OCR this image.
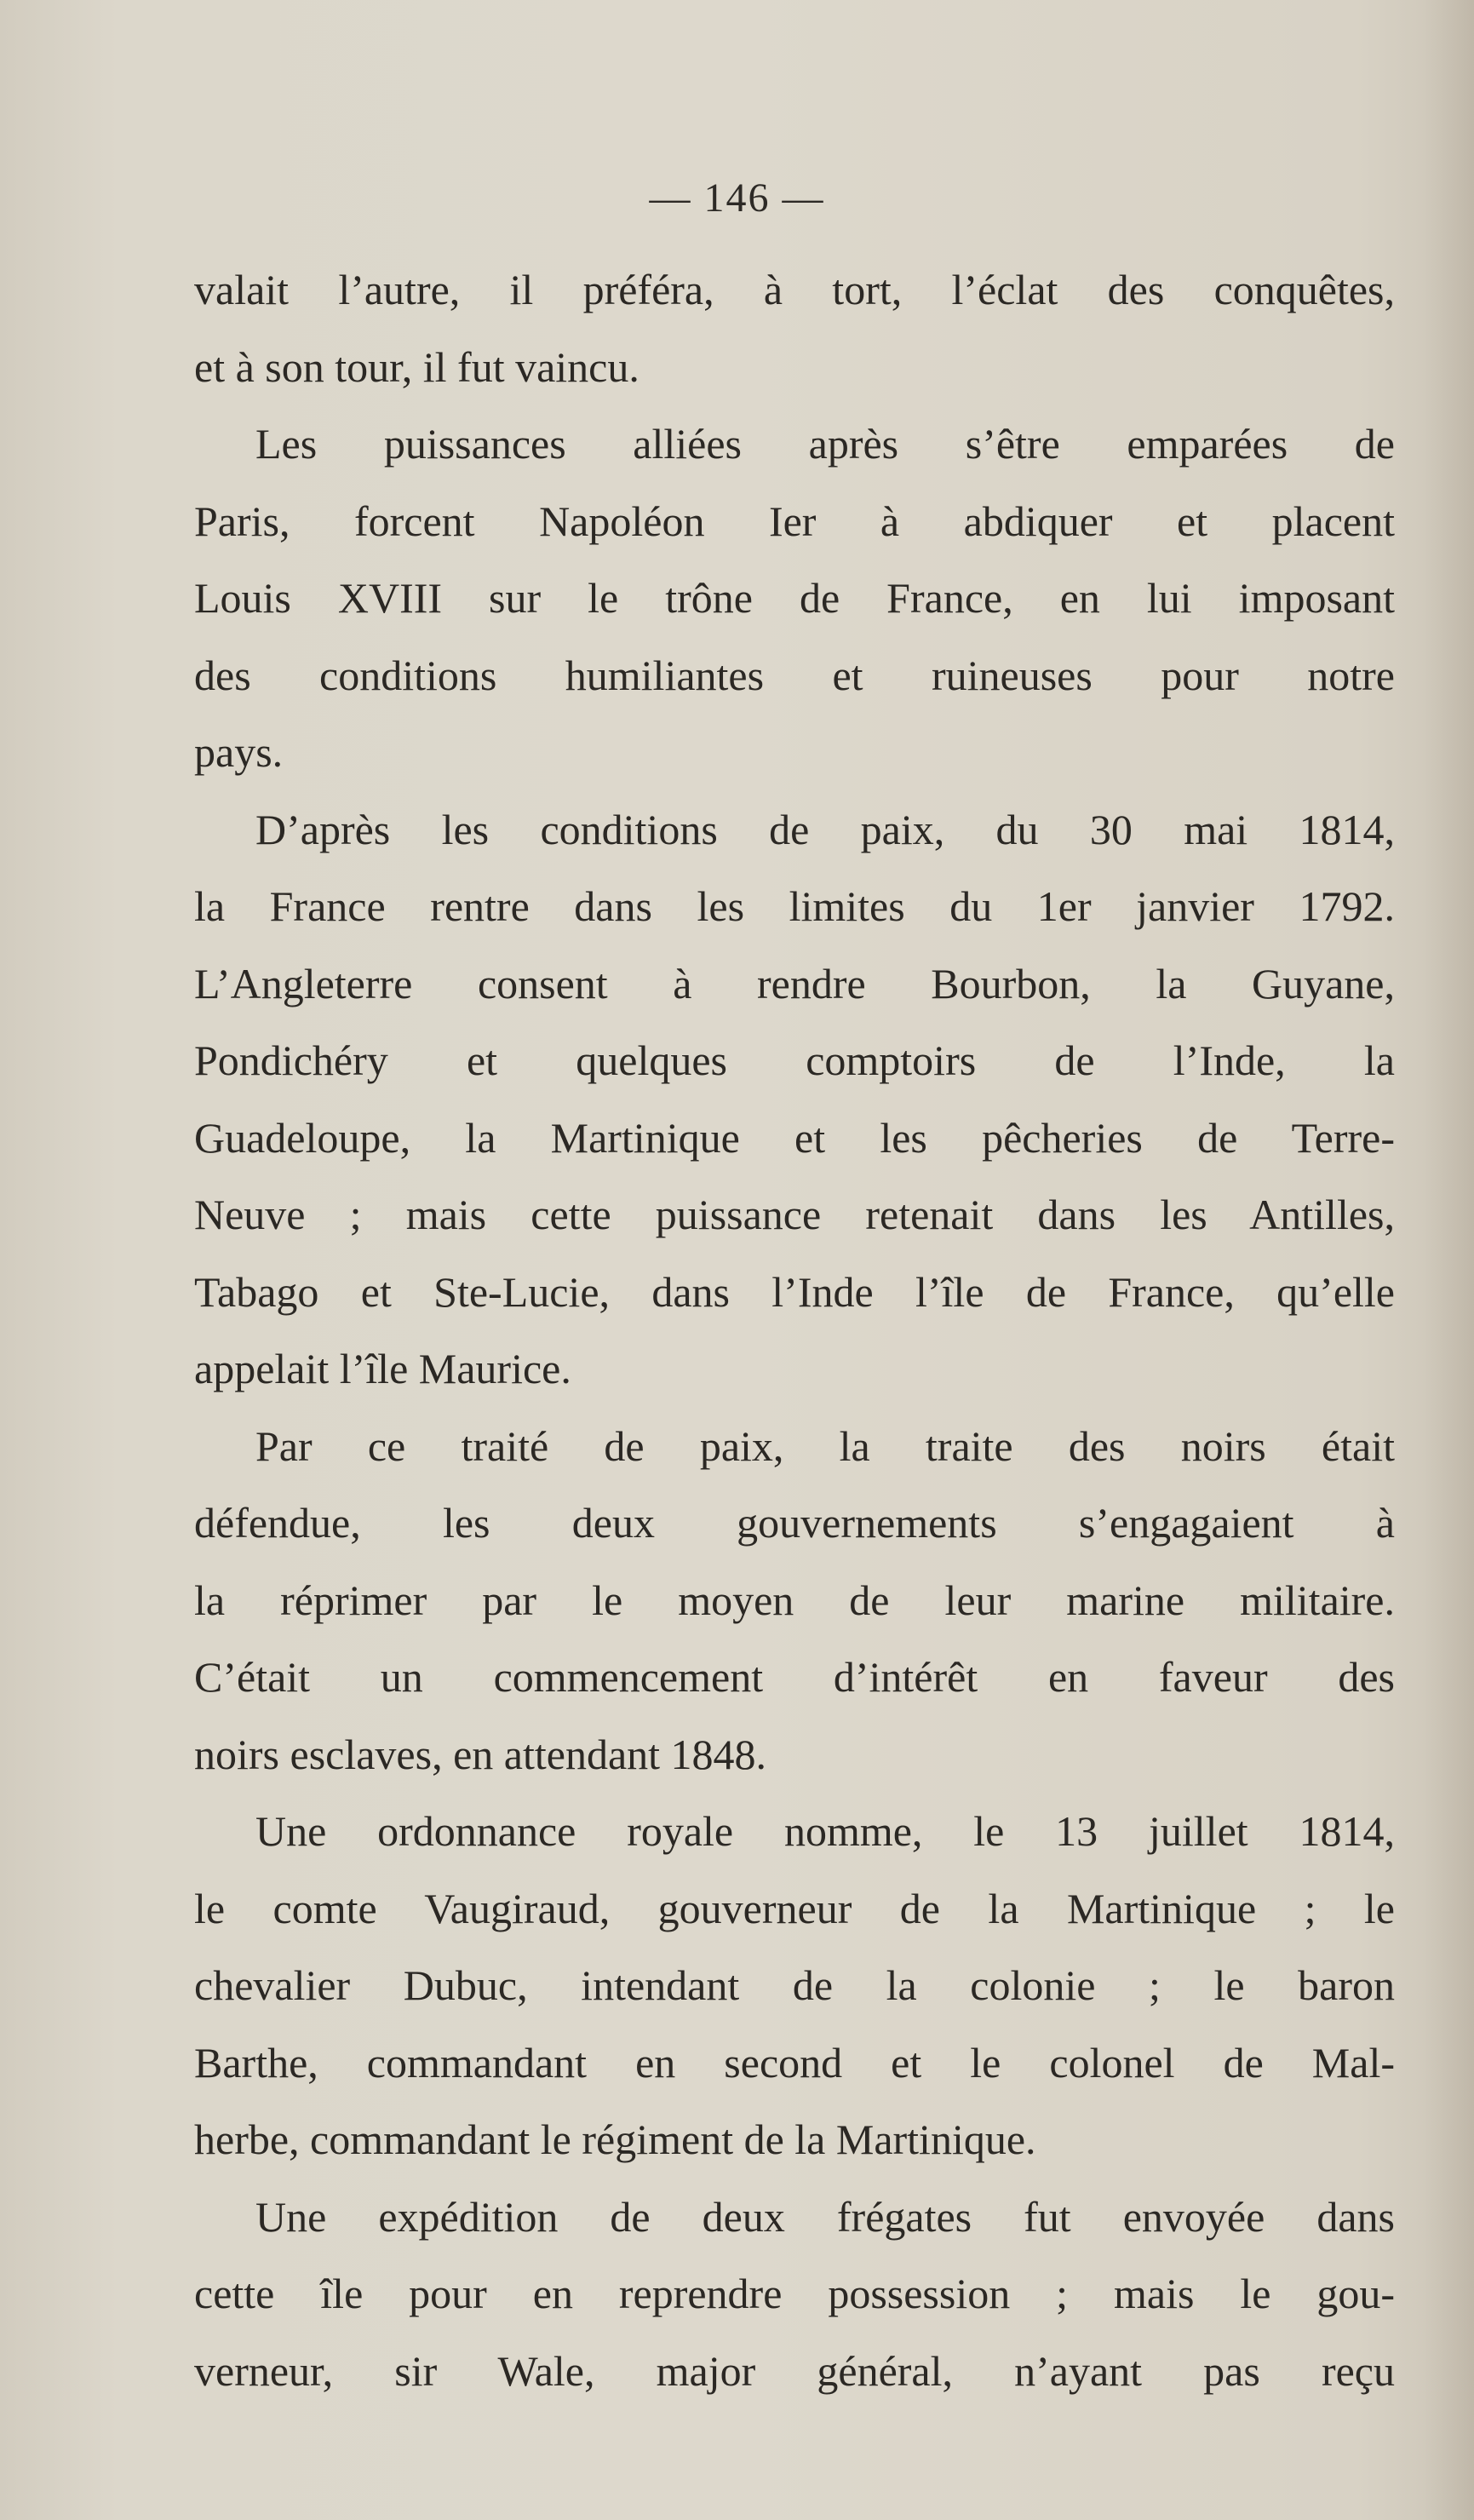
— 146 —
valait l’autre, il préféra, à tort, l’éclat des conquêtes,
et à son tour, il fut vaincu.
Les puissances alliées après s’être emparées de
Paris, forcent Napoléon Ier à abdiquer et placent
Louis XVIII sur le trône de France, en lui imposant
des conditions humiliantes et ruineuses pour notre
pays.
D’après les conditions de paix, du 30 mai 1814,
la France rentre dans les limites du 1er janvier 1792.
L’Angleterre consent à rendre Bourbon, la Guyane,
Pondichéry et quelques comptoirs de l’Inde, la
Guadeloupe, la Martinique et les pêcheries de Terre-
Neuve ; mais cette puissance retenait dans les Antilles,
Tabago et Ste-Lucie, dans l’Inde l’île de France, qu’elle
appelait l’île Maurice.
Par ce traité de paix, la traite des noirs était
défendue, les deux gouvernements s’engagaient à
la réprimer par le moyen de leur marine militaire.
C’était un commencement d’intérêt en faveur des
noirs esclaves, en attendant 1848.
Une ordonnance royale nomme, le 13 juillet 1814,
le comte Vaugiraud, gouverneur de la Martinique ; le
chevalier Dubuc, intendant de la colonie ; le baron
Barthe, commandant en second et le colonel de Mal-
herbe, commandant le régiment de la Martinique.
Une expédition de deux frégates fut envoyée dans
cette île pour en reprendre possession ; mais le gou-
verneur, sir Wale, major général, n’ayant pas reçu
